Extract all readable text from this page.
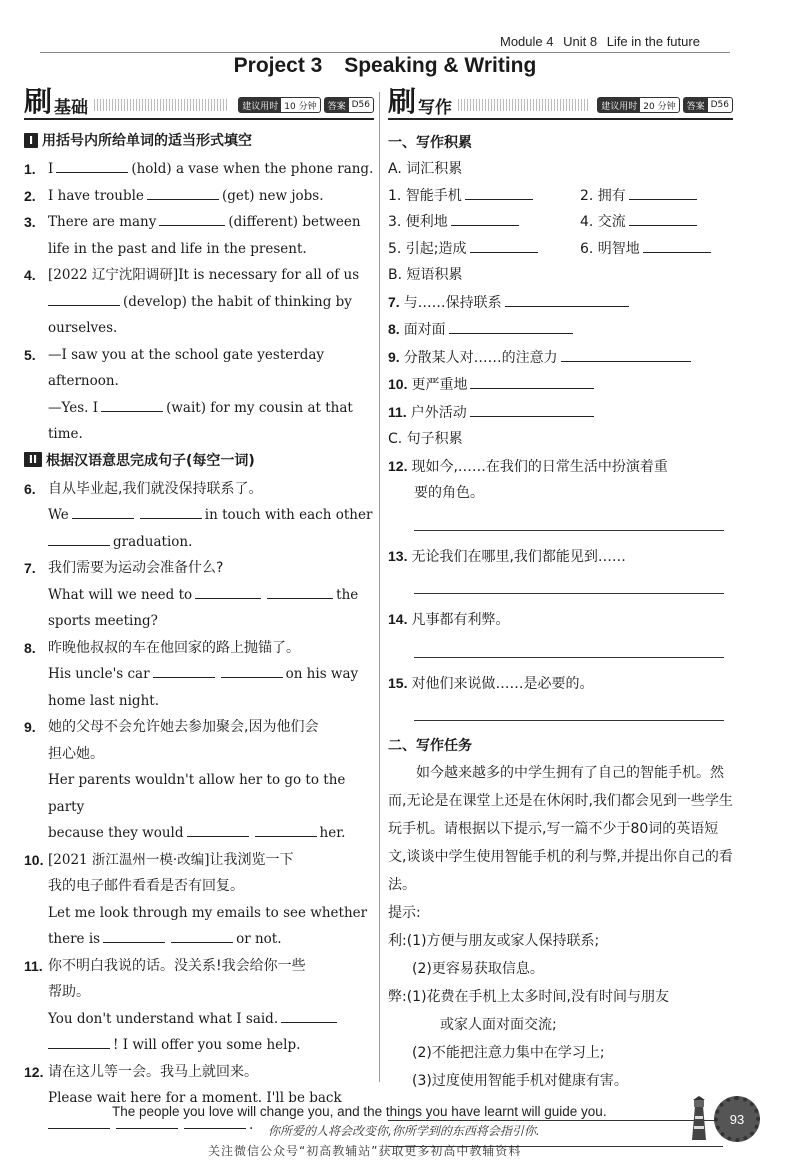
Module 4 Unit 8 Life in the future
Project 3 Speaking & Writing
刷 基础	建议用时 10 分钟	答案 D56
I 用括号内所给单词的适当形式填空
1. I	(hold) a vase when the phone rang.
2. I have trouble	(get) new jobs.
3. There are many	(different) between
life in the past and life in the present.
4. [2022 辽宁沈阳调研]It is necessary for all of us
(develop) the habit of thinking by
ourselves.
5. —I saw you at the school gate yesterday afternoon.
—Yes. I	(wait) for my cousin at that
time.
II 根据汉语意思完成句子(每空一词)
6. 自从毕业起,我们就没保持联系了。
We	in touch with each other
graduation.
7. 我们需要为运动会准备什么?
What will we need to	the
sports meeting?
8. 昨晚他叔叔的车在他回家的路上抛锚了。
His uncle's car	on his way
home last night.
9. 她的父母不会允许她去参加聚会,因为他们会
担心她。
Her parents wouldn't allow her to go to the party
because they would	her.
10. [2021 浙江温州一模·改编]让我浏览一下
我的电子邮件看看是否有回复。
Let me look through my emails to see whether
there is	or not.
11. 你不明白我说的话。没关系!我会给你一些
帮助。
You don't understand what I said.
! I will offer you some help.
12. 请在这儿等一会。我马上就回来。
Please wait here for a moment. I'll be back
.
刷 写作	建议用时 20 分钟	答案 D56
一、写作积累
A. 词汇积累
1. 智能手机	2. 拥有
3. 便利地	4. 交流
5. 引起;造成	6. 明智地
B. 短语积累
7. 与……保持联系
8. 面对面
9. 分散某人对……的注意力
10. 更严重地
11. 户外活动
C. 句子积累
12. 现如今,……在我们的日常生活中扮演着重
要的角色。
13. 无论我们在哪里,我们都能见到……
14. 凡事都有利弊。
15. 对他们来说做……是必要的。
二、写作任务
如今越来越多的中学生拥有了自己的智能手机。然而,无论是在课堂上还是在休闲时,我们都会见到一些学生玩手机。请根据以下提示,写一篇不少于80词的英语短文,谈谈中学生使用智能手机的利与弊,并提出你自己的看法。
提示:
利:(1)方便与朋友或家人保持联系;
(2)更容易获取信息。
弊:(1)花费在手机上太多时间,没有时间与朋友
或家人面对面交流;
(2)不能把注意力集中在学习上;
(3)过度使用智能手机对健康有害。
The people you love will change you, and the things you have learnt will guide you.
你所爱的人将会改变你,你所学到的东西将会指引你.
关注微信公众号“初高教辅站”获取更多初高中教辅资料
93
